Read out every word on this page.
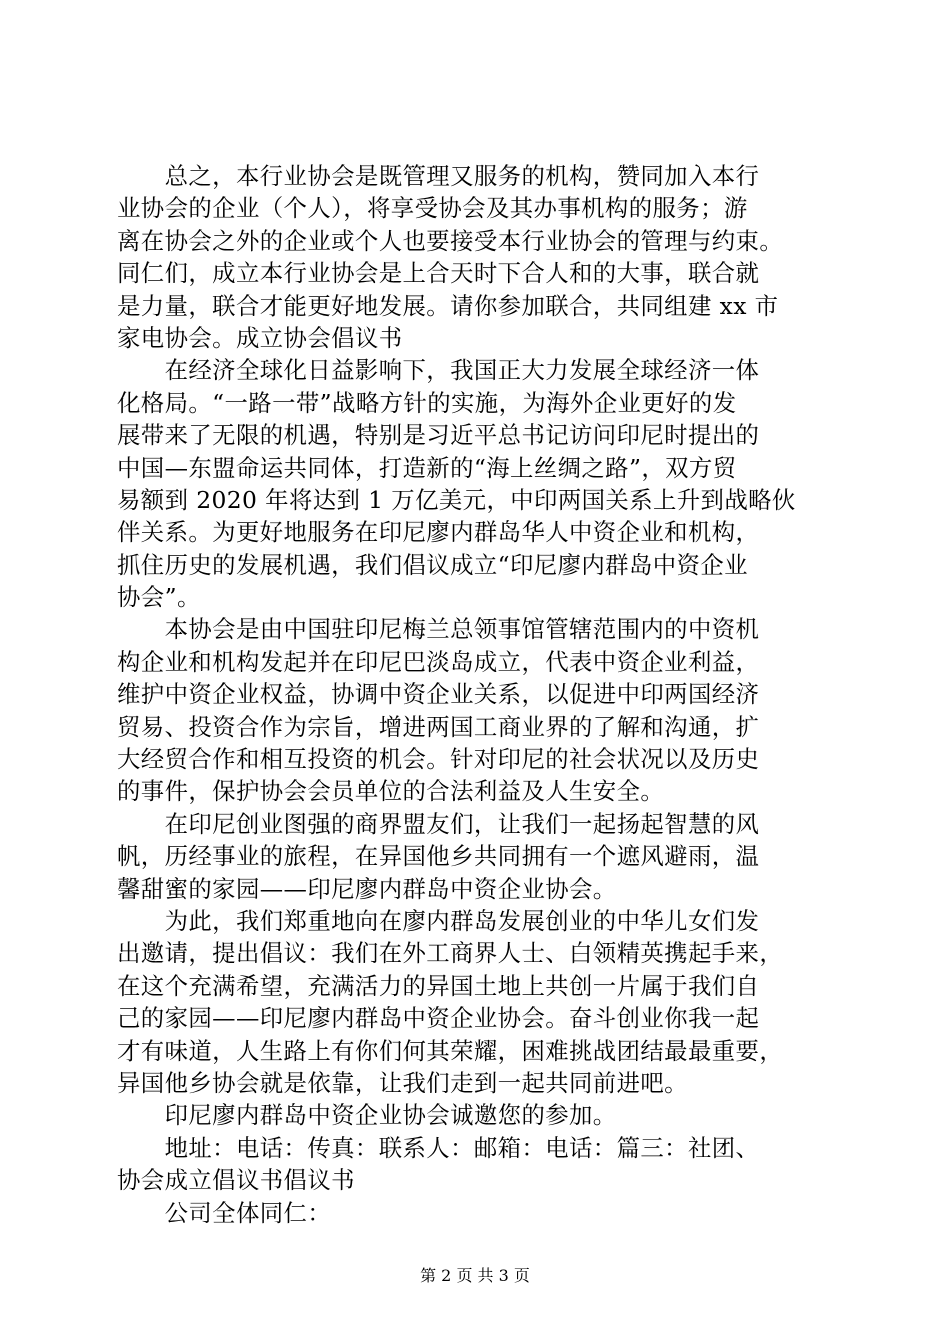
　　总之，本行业协会是既管理又服务的机构，赞同加入本行
业协会的企业（个人），将享受协会及其办事机构的服务；游
离在协会之外的企业或个人也要接受本行业协会的管理与约束。
同仁们，成立本行业协会是上合天时下合人和的大事，联合就
是力量，联合才能更好地发展。请你参加联合，共同组建 xx 市
家电协会。成立协会倡议书
　　在经济全球化日益影响下，我国正大力发展全球经济一体
化格局。“一路一带”战略方针的实施，为海外企业更好的发
展带来了无限的机遇，特别是习近平总书记访问印尼时提出的
中国—东盟命运共同体，打造新的“海上丝绸之路”，双方贸
易额到 2020 年将达到 1 万亿美元，中印两国关系上升到战略伙
伴关系。为更好地服务在印尼廖内群岛华人中资企业和机构，
抓住历史的发展机遇，我们倡议成立“印尼廖内群岛中资企业
协会”。
　　本协会是由中国驻印尼梅兰总领事馆管辖范围内的中资机
构企业和机构发起并在印尼巴淡岛成立，代表中资企业利益，
维护中资企业权益，协调中资企业关系，以促进中印两国经济
贸易、投资合作为宗旨，增进两国工商业界的了解和沟通，扩
大经贸合作和相互投资的机会。针对印尼的社会状况以及历史
的事件，保护协会会员单位的合法利益及人生安全。
　　在印尼创业图强的商界盟友们，让我们一起扬起智慧的风
帆，历经事业的旅程，在异国他乡共同拥有一个遮风避雨，温
馨甜蜜的家园——印尼廖内群岛中资企业协会。
　　为此，我们郑重地向在廖内群岛发展创业的中华儿女们发
出邀请，提出倡议：我们在外工商界人士、白领精英携起手来，
在这个充满希望，充满活力的异国土地上共创一片属于我们自
己的家园——印尼廖内群岛中资企业协会。奋斗创业你我一起
才有味道，人生路上有你们何其荣耀，困难挑战团结最最重要，
异国他乡协会就是依靠，让我们走到一起共同前进吧。
　　印尼廖内群岛中资企业协会诚邀您的参加。
　　地址：电话：传真：联系人：邮箱：电话：篇三：社团、
协会成立倡议书倡议书
　　公司全体同仁：
第 2 页 共 3 页
